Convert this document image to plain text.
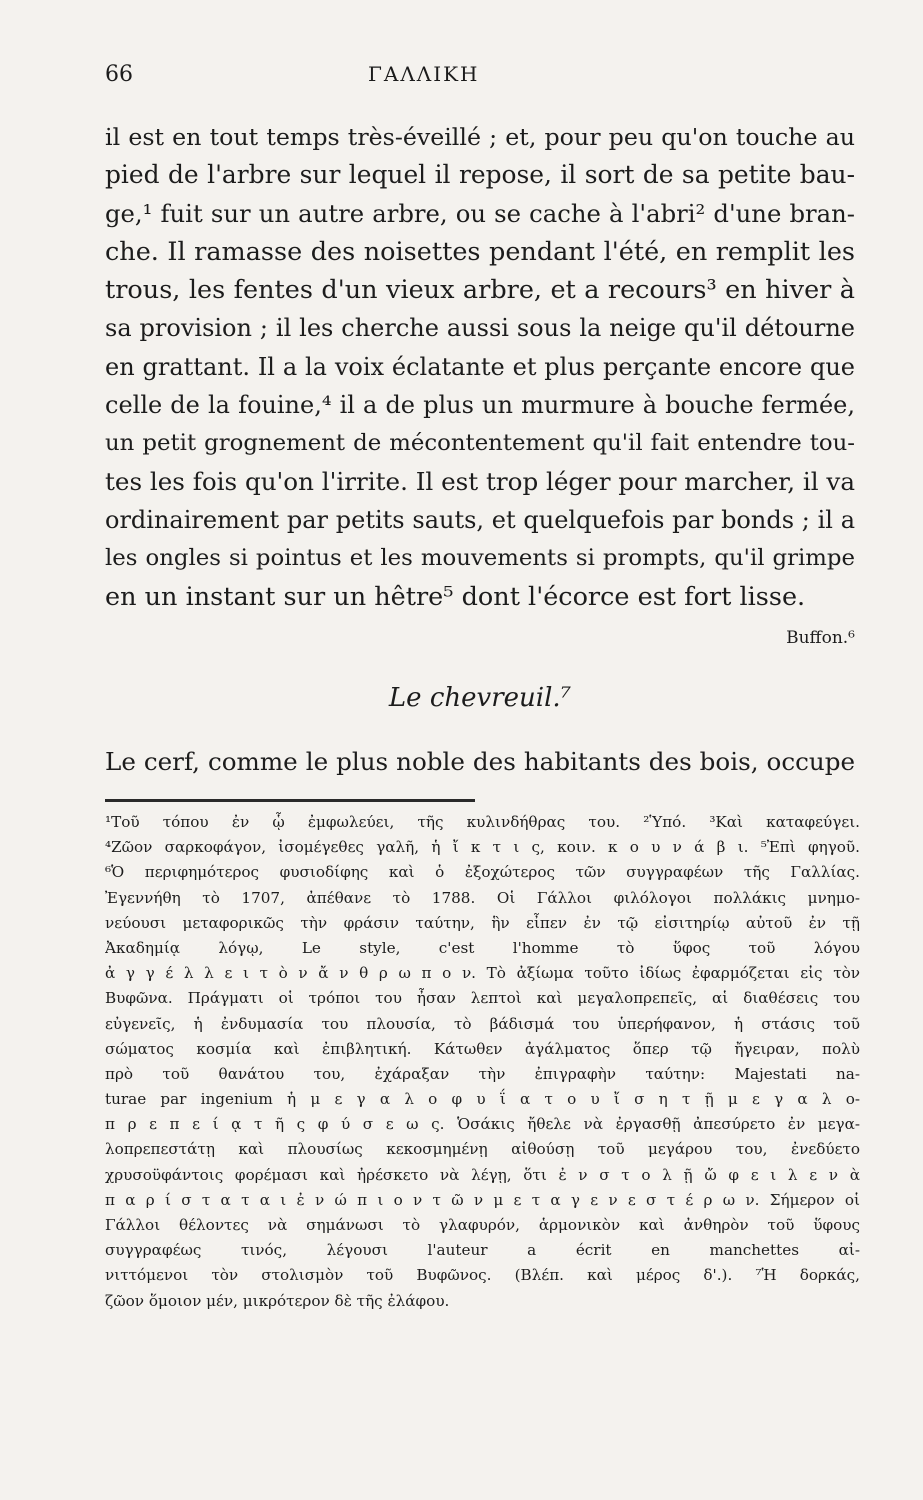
66	ΓΑΛΛΙΚΗ
il est en tout temps très-éveillé ; et, pour peu qu'on touche au
pied de l'arbre sur lequel il repose, il sort de sa petite bau-
ge,¹ fuit sur un autre arbre, ou se cache à l'abri² d'une bran-
che. Il ramasse des noisettes pendant l'été, en remplit les
trous, les fentes d'un vieux arbre, et a recours³ en hiver à
sa provision ; il les cherche aussi sous la neige qu'il détourne
en grattant. Il a la voix éclatante et plus perçante encore que
celle de la fouine,⁴ il a de plus un murmure à bouche fermée,
un petit grognement de mécontentement qu'il fait entendre tou-
tes les fois qu'on l'irrite. Il est trop léger pour marcher, il va
ordinairement par petits sauts, et quelquefois par bonds ; il a
les ongles si pointus et les mouvements si prompts, qu'il grimpe
en un instant sur un hêtre⁵ dont l'écorce est fort lisse.
Buffon.⁶
Le chevreuil.⁷
Le cerf, comme le plus noble des habitants des bois, occupe
¹Τοῦ τόπου ἐν ᾧ ἐμφωλεύει, τῆς κυλινδήθρας του. ²Ὑπό. ³Καὶ καταφεύγει.
⁴Ζῶον σαρκοφάγον, ἰσομέγεθες γαλῆ, ἡ ἴ κ τ ι ς, κοιν. κ ο υ ν ά β ι. ⁵Ἐπὶ φηγοῦ.
⁶Ὁ περιφημότερος φυσιοδίφης καὶ ὁ ἐξοχώτερος τῶν συγγραφέων τῆς Γαλλίας.
Ἐγεννήθη τὸ 1707, ἀπέθανε τὸ 1788. Οἱ Γάλλοι φιλόλογοι πολλάκις μνημο-
νεύουσι μεταφορικῶς τὴν φράσιν ταύτην, ἣν εἶπεν ἐν τῷ εἰσιτηρίῳ αὐτοῦ ἐν τῇ
Ἀκαδημίᾳ λόγῳ, Le style, c'est l'homme τὸ ὕφος τοῦ λόγου
ἀ γ γ έ λ λ ε ι τ ὸ ν ἄ ν θ ρ ω π ο ν. Τὸ ἀξίωμα τοῦτο ἰδίως ἐφαρμόζεται εἰς τὸν
Βυφῶνα. Πράγματι οἱ τρόποι του ἦσαν λεπτοὶ καὶ μεγαλοπρεπεῖς, αἱ διαθέσεις του
εὐγενεῖς, ἡ ἐνδυμασία του πλουσία, τὸ βάδισμά του ὑπερήφανον, ἡ στάσις τοῦ
σώματος κοσμία καὶ ἐπιβλητική. Κάτωθεν ἀγάλματος ὅπερ τῷ ἤγειραν, πολὺ
πρὸ τοῦ θανάτου του, ἐχάραξαν τὴν ἐπιγραφὴν ταύτην: Majestati na-
turae par ingenium ἡ μ ε γ α λ ο φ υ ΐ α τ ο υ ἴ σ η τ ῇ μ ε γ α λ ο-
π ρ ε π ε ί ᾳ τ ῆ ς φ ύ σ ε ω ς. Ὁσάκις ἤθελε νὰ ἐργασθῇ ἀπεσύρετο ἐν μεγα-
λοπρεπεστάτῃ καὶ πλουσίως κεκοσμημένῃ αἰθούσῃ τοῦ μεγάρου του, ἐνεδύετο
χρυσοϋφάντοις φορέμασι καὶ ἠρέσκετο νὰ λέγῃ, ὅτι ἐ ν σ τ ο λ ῇ ὤ φ ε ι λ ε ν ὰ
π α ρ ί σ τ α τ α ι ἐ ν ώ π ι ο ν τ ῶ ν μ ε τ α γ ε ν ε σ τ έ ρ ω ν. Σήμερον οἱ
Γάλλοι θέλοντες νὰ σημάνωσι τὸ γλαφυρόν, ἁρμονικὸν καὶ ἀνθηρὸν τοῦ ὕφους
συγγραφέως τινός, λέγουσι l'auteur a écrit en manchettes αἰ-
νιττόμενοι τὸν στολισμὸν τοῦ Βυφῶνος. (Βλέπ. καὶ μέρος δ'.). ⁷Ἡ δορκάς,
ζῶον ὅμοιον μέν, μικρότερον δὲ τῆς ἐλάφου.
